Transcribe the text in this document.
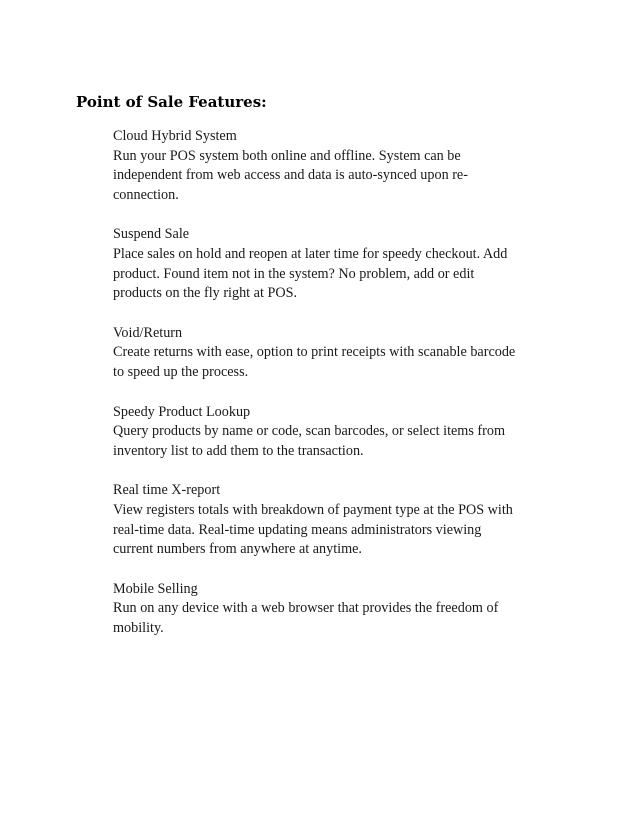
Point of Sale Features:

Cloud Hybrid System

Run your POS system both online and offline. System can be
independent from web access and data is auto-synced upon re-
connection.

Suspend Sale

Place sales on hold and reopen at later time for speedy checkout. Add
product. Found item not in the system? No problem, add or edit
products on the fly right at POS.

Void/Return

Create returns with ease, option to print receipts with scanable barcode
to speed up the process.

Speedy Product Lookup

Query products by name or code, scan barcodes, or select items from
inventory list to add them to the transaction.

Real time X-report

View registers totals with breakdown of payment type at the POS with
real-time data. Real-time updating means administrators viewing
current numbers from anywhere at anytime.

Mobile Selling

Run on any device with a web browser that provides the freedom of
mobility.
